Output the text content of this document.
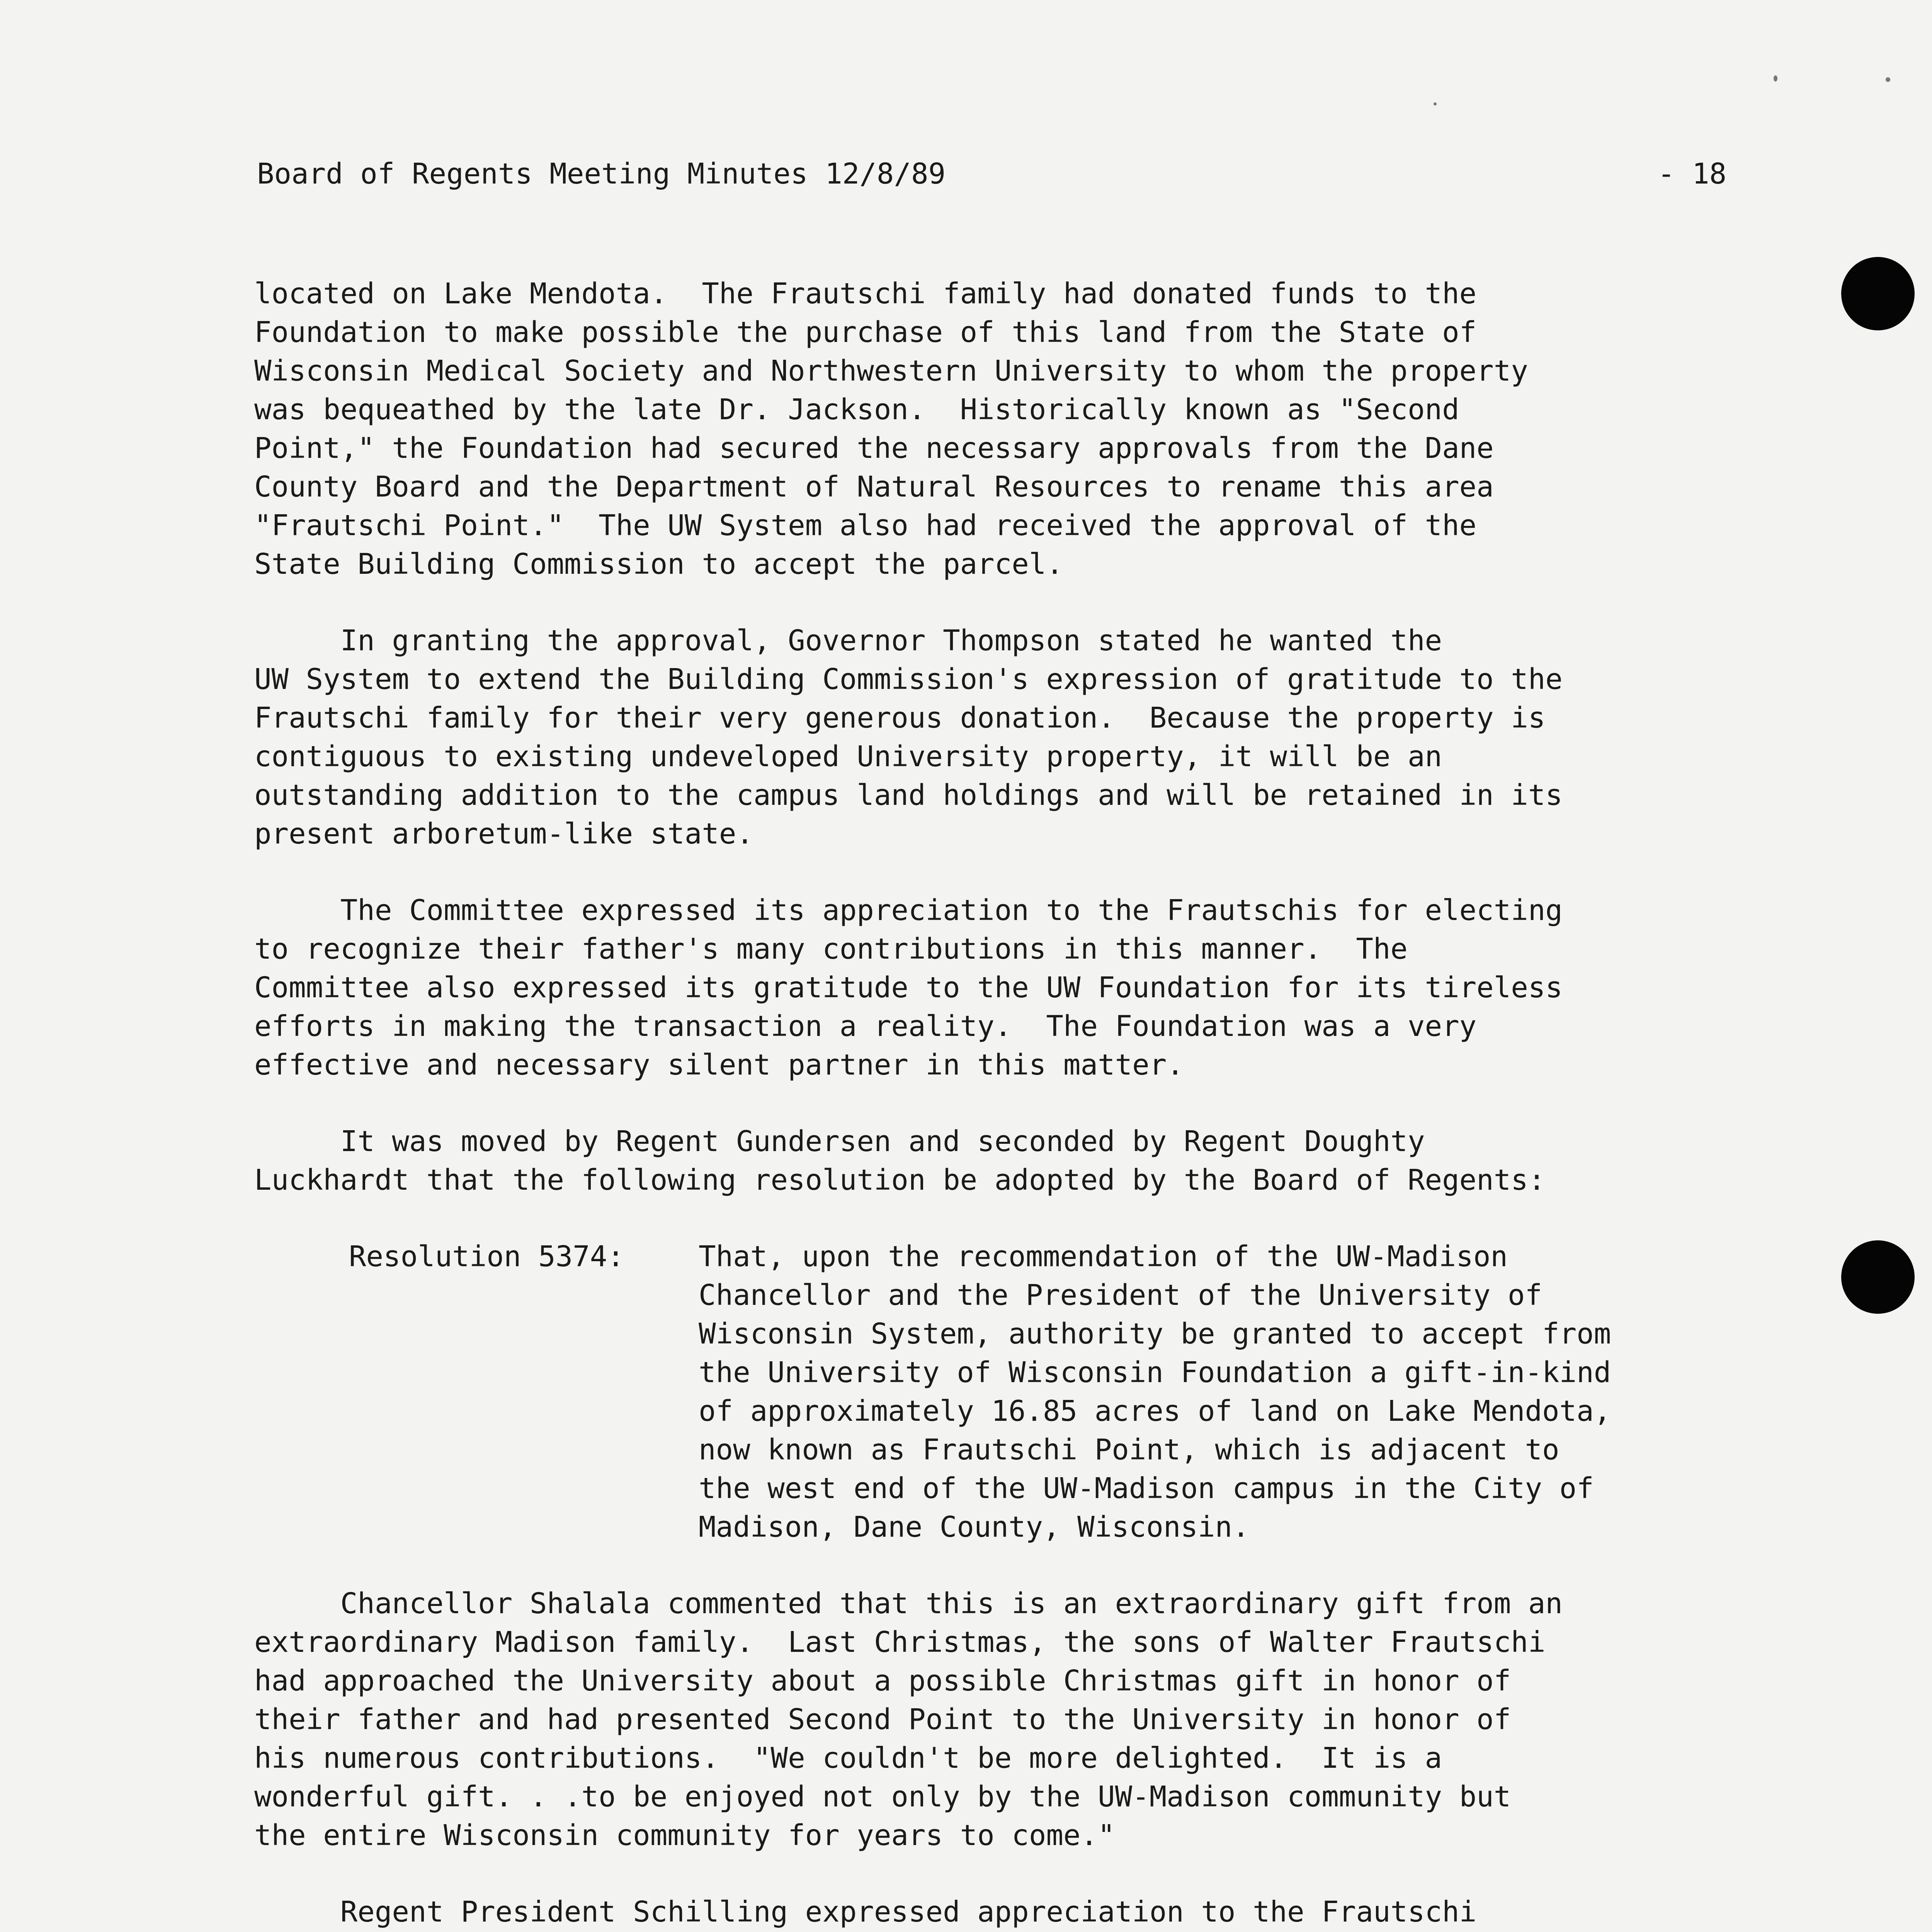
Board of Regents Meeting Minutes 12/8/89	- 18
located on Lake Mendota.  The Frautschi family had donated funds to the
Foundation to make possible the purchase of this land from the State of
Wisconsin Medical Society and Northwestern University to whom the property
was bequeathed by the late Dr. Jackson.  Historically known as "Second
Point," the Foundation had secured the necessary approvals from the Dane
County Board and the Department of Natural Resources to rename this area
"Frautschi Point."  The UW System also had received the approval of the
State Building Commission to accept the parcel.
In granting the approval, Governor Thompson stated he wanted the
UW System to extend the Building Commission's expression of gratitude to the
Frautschi family for their very generous donation.  Because the property is
contiguous to existing undeveloped University property, it will be an
outstanding addition to the campus land holdings and will be retained in its
present arboretum-like state.
The Committee expressed its appreciation to the Frautschis for electing
to recognize their father's many contributions in this manner.  The
Committee also expressed its gratitude to the UW Foundation for its tireless
efforts in making the transaction a reality.  The Foundation was a very
effective and necessary silent partner in this matter.
It was moved by Regent Gundersen and seconded by Regent Doughty
Luckhardt that the following resolution be adopted by the Board of Regents:
Resolution 5374:	That, upon the recommendation of the UW-Madison
Chancellor and the President of the University of
Wisconsin System, authority be granted to accept from
the University of Wisconsin Foundation a gift-in-kind
of approximately 16.85 acres of land on Lake Mendota,
now known as Frautschi Point, which is adjacent to
the west end of the UW-Madison campus in the City of
Madison, Dane County, Wisconsin.
Chancellor Shalala commented that this is an extraordinary gift from an
extraordinary Madison family.  Last Christmas, the sons of Walter Frautschi
had approached the University about a possible Christmas gift in honor of
their father and had presented Second Point to the University in honor of
his numerous contributions.  "We couldn't be more delighted.  It is a
wonderful gift. . .to be enjoyed not only by the UW-Madison community but
the entire Wisconsin community for years to come."
Regent President Schilling expressed appreciation to the Frautschi
